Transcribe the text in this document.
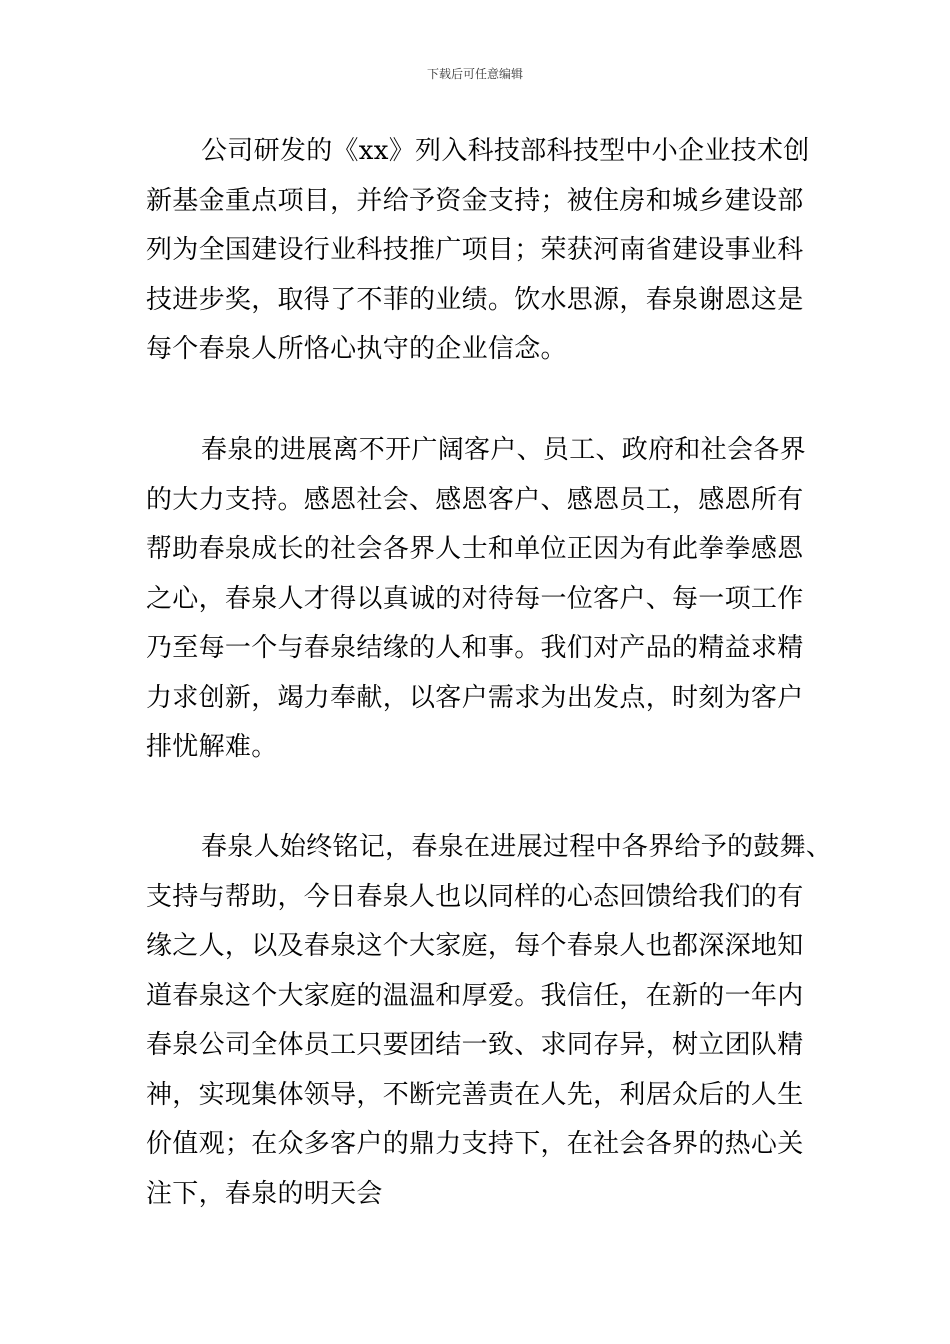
下载后可任意编辑
公司研发的《xx》列入科技部科技型中小企业技术创
新基金重点项目，并给予资金支持；被住房和城乡建设部
列为全国建设行业科技推广项目；荣获河南省建设事业科
技进步奖，取得了不菲的业绩。饮水思源，春泉谢恩这是
每个春泉人所恪心执守的企业信念。
春泉的进展离不开广阔客户、员工、政府和社会各界
的大力支持。感恩社会、感恩客户、感恩员工，感恩所有
帮助春泉成长的社会各界人士和单位正因为有此拳拳感恩
之心，春泉人才得以真诚的对待每一位客户、每一项工作
乃至每一个与春泉结缘的人和事。我们对产品的精益求精
力求创新，竭力奉献，以客户需求为出发点，时刻为客户
排忧解难。
春泉人始终铭记，春泉在进展过程中各界给予的鼓舞、
支持与帮助，今日春泉人也以同样的心态回馈给我们的有
缘之人，以及春泉这个大家庭，每个春泉人也都深深地知
道春泉这个大家庭的温温和厚爱。我信任，在新的一年内
春泉公司全体员工只要团结一致、求同存异，树立团队精
神，实现集体领导，不断完善责在人先，利居众后的人生
价值观；在众多客户的鼎力支持下，在社会各界的热心关
注下，春泉的明天会
